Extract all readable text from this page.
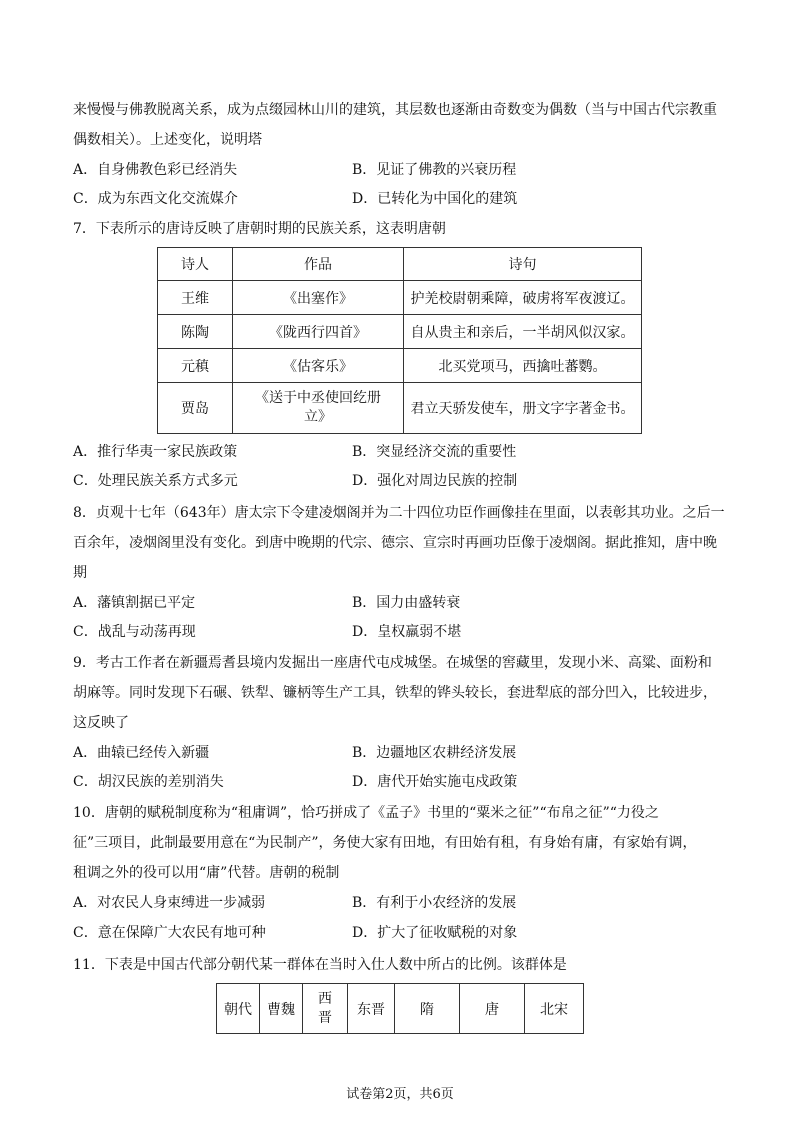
来慢慢与佛教脱离关系，成为点缀园林山川的建筑，其层数也逐渐由奇数变为偶数（当与中国古代宗教重
偶数相关）。上述变化，说明塔
A．自身佛教色彩已经消失	B．见证了佛教的兴衰历程
C．成为东西文化交流媒介	D．已转化为中国化的建筑
7．下表所示的唐诗反映了唐朝时期的民族关系，这表明唐朝
诗人	作品	诗句
王维	《出塞作》	护羌校尉朝乘障，破虏将军夜渡辽。
陈陶	《陇西行四首》	自从贵主和亲后，一半胡风似汉家。
元稹	《估客乐》	北买党项马，西擒吐蕃鹦。
贾岛	《送于中丞使回纥册立》	君立天骄发使车，册文字字著金书。
A．推行华夷一家民族政策	B．突显经济交流的重要性
C．处理民族关系方式多元	D．强化对周边民族的控制
8．贞观十七年（643年）唐太宗下令建凌烟阁并为二十四位功臣作画像挂在里面，以表彰其功业。之后一
百余年，凌烟阁里没有变化。到唐中晚期的代宗、德宗、宣宗时再画功臣像于凌烟阁。据此推知，唐中晚
期
A．藩镇割据已平定	B．国力由盛转衰
C．战乱与动荡再现	D．皇权羸弱不堪
9．考古工作者在新疆焉耆县境内发掘出一座唐代屯戍城堡。在城堡的窖藏里，发现小米、高粱、面粉和
胡麻等。同时发现下石碾、铁犁、镰柄等生产工具，铁犁的铧头较长，套进犁底的部分凹入，比较进步，
这反映了
A．曲辕已经传入新疆	B．边疆地区农耕经济发展
C．胡汉民族的差别消失	D．唐代开始实施屯戍政策
10．唐朝的赋税制度称为“租庸调”，恰巧拼成了《孟子》书里的“粟米之征”“布帛之征”“力役之
征”三项目，此制最要用意在“为民制产”，务使大家有田地，有田始有租，有身始有庸，有家始有调，
租调之外的役可以用“庸”代替。唐朝的税制
A．对农民人身束缚进一步减弱	B．有利于小农经济的发展
C．意在保障广大农民有地可种	D．扩大了征收赋税的对象
11．下表是中国古代部分朝代某一群体在当时入仕人数中所占的比例。该群体是
朝代	曹魏	西晋	东晋	隋	唐	北宋
试卷第2页，共6页
